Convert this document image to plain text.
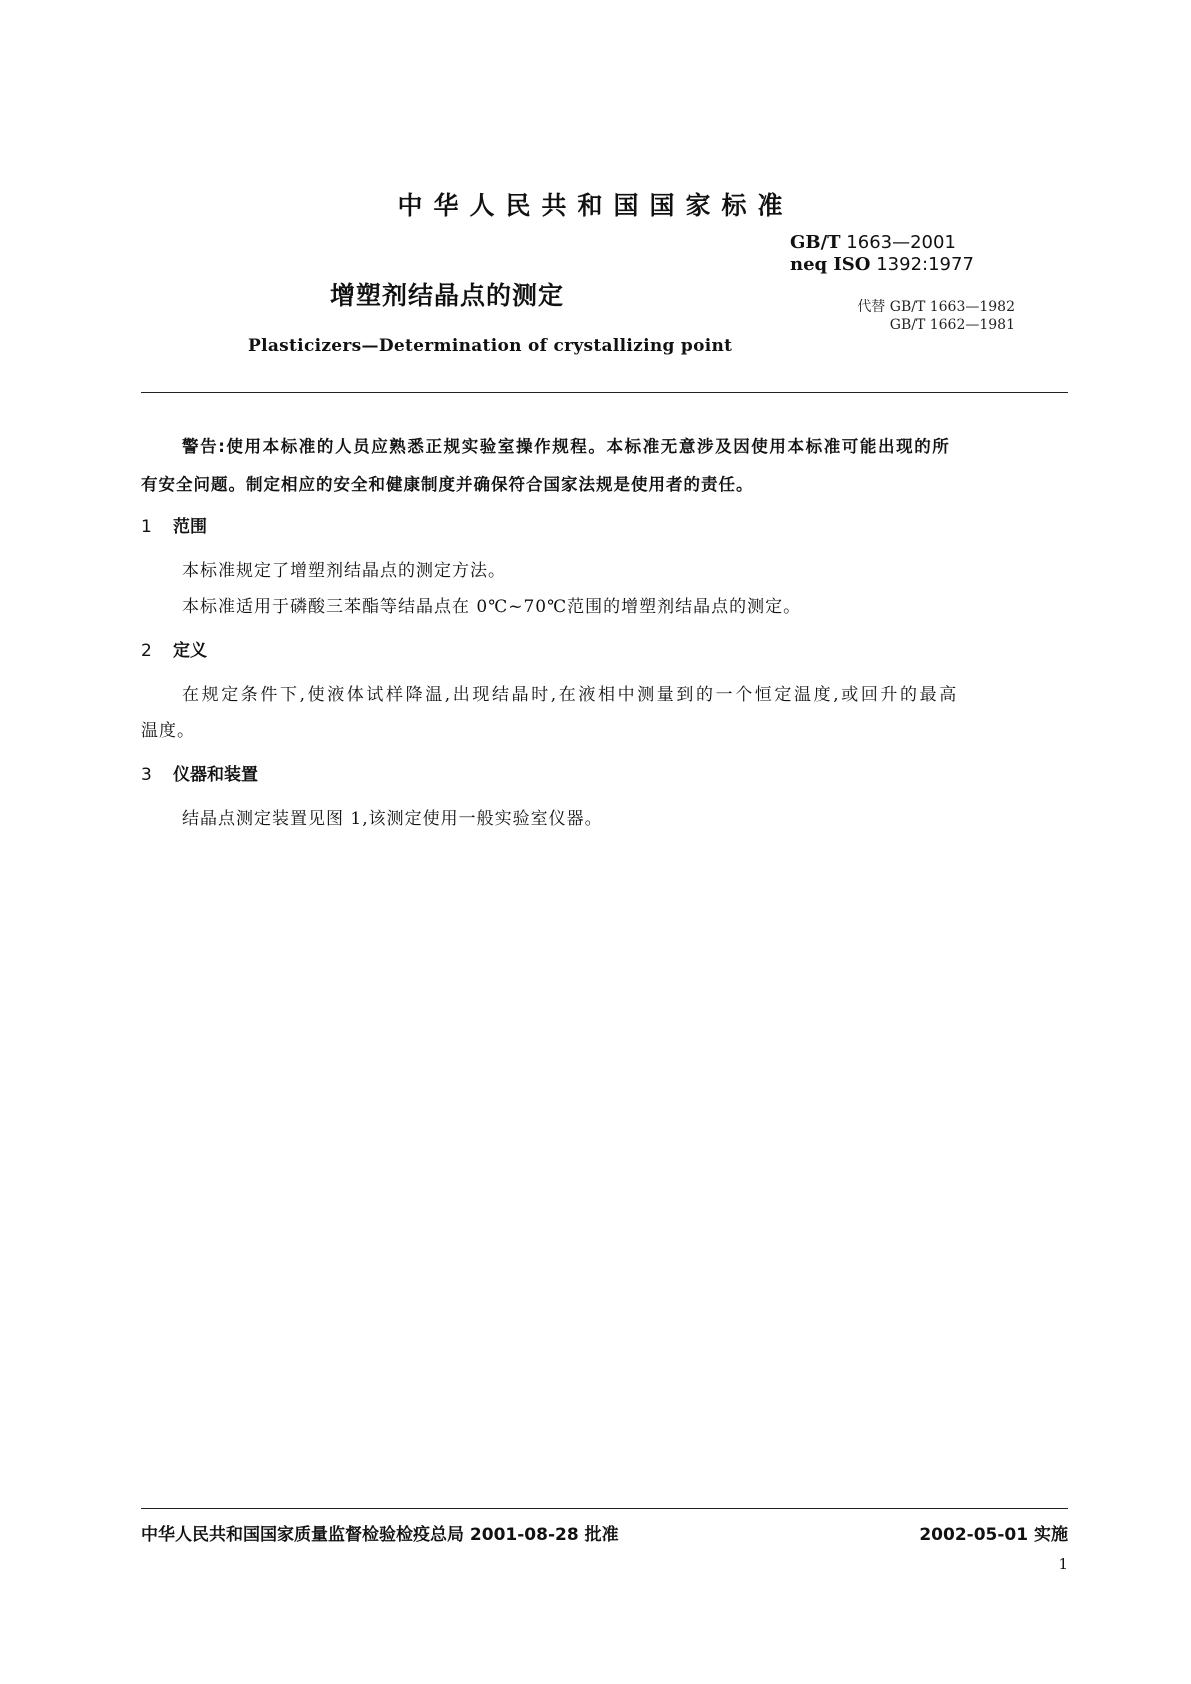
中华人民共和国国家标准
GB/T 1663—2001
neq ISO 1392:1977
代替 GB/T 1663—1982
GB/T 1662—1981
增塑剂结晶点的测定
Plasticizers—Determination of crystallizing point
警告:使用本标准的人员应熟悉正规实验室操作规程。本标准无意涉及因使用本标准可能出现的所
有安全问题。制定相应的安全和健康制度并确保符合国家法规是使用者的责任。
1 范围
本标准规定了增塑剂结晶点的测定方法。
本标准适用于磷酸三苯酯等结晶点在 0℃~70℃范围的增塑剂结晶点的测定。
2 定义
在规定条件下,使液体试样降温,出现结晶时,在液相中测量到的一个恒定温度,或回升的最高
温度。
3 仪器和装置
结晶点测定装置见图 1,该测定使用一般实验室仪器。
中华人民共和国国家质量监督检验检疫总局 2001-08-28 批准	2002-05-01 实施
1
